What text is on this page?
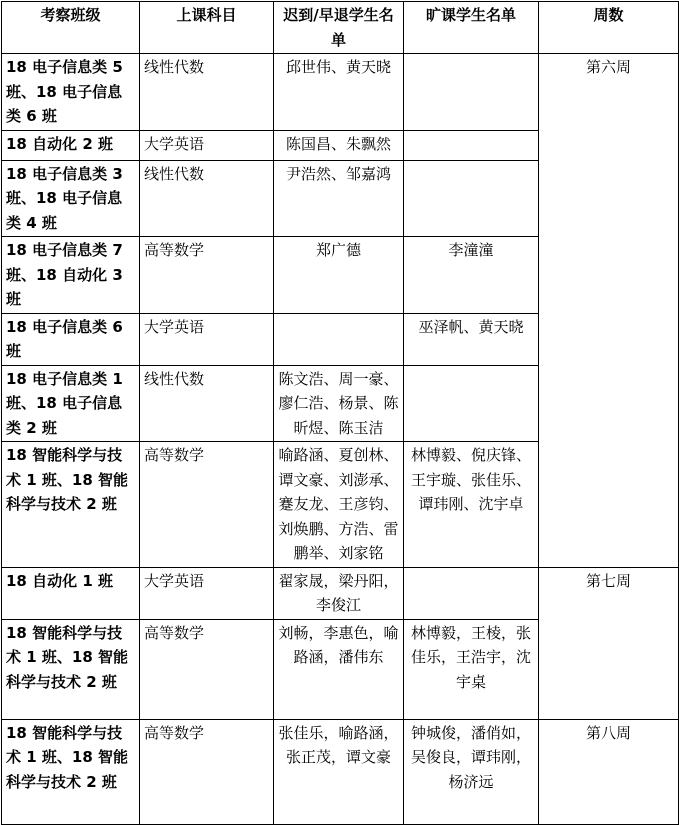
考察班级	上课科目	迟到/早退学生名单	旷课学生名单	周数
18 电子信息类 5 班、18 电子信息类 6 班	线性代数	邱世伟、黄天晓		第六周
18 自动化 2 班	大学英语	陈国昌、朱飘然		
18 电子信息类 3 班、18 电子信息类 4 班	线性代数	尹浩然、邹嘉鸿		
18 电子信息类 7 班、18 自动化 3 班	高等数学	郑广德	李潼潼	
18 电子信息类 6 班	大学英语		巫泽帆、黄天晓	
18 电子信息类 1 班、18 电子信息类 2 班	线性代数	陈文浩、周一豪、廖仁浩、杨景、陈昕煜、陈玉洁		
18 智能科学与技术 1 班、18 智能科学与技术 2 班	高等数学	喻路涵、夏创林、谭文豪、刘澎承、蹇友龙、王彦钧、刘焕鹏、方浩、雷鹏举、刘家铭	林博毅、倪庆锋、王宇璇、张佳乐、谭玮刚、沈宇卓	
18 自动化 1 班	大学英语	翟家晟，梁丹阳，李俊江		第七周
18 智能科学与技术 1 班、18 智能科学与技术 2 班	高等数学	刘畅，李惠色，喻路涵，潘伟东	林博毅，王棱，张佳乐，王浩宇，沈宇桌	
18 智能科学与技术 1 班、18 智能科学与技术 2 班	高等数学	张佳乐，喻路涵，张正茂，谭文豪	钟城俊，潘俏如，吴俊良，谭玮刚，杨济远	第八周
